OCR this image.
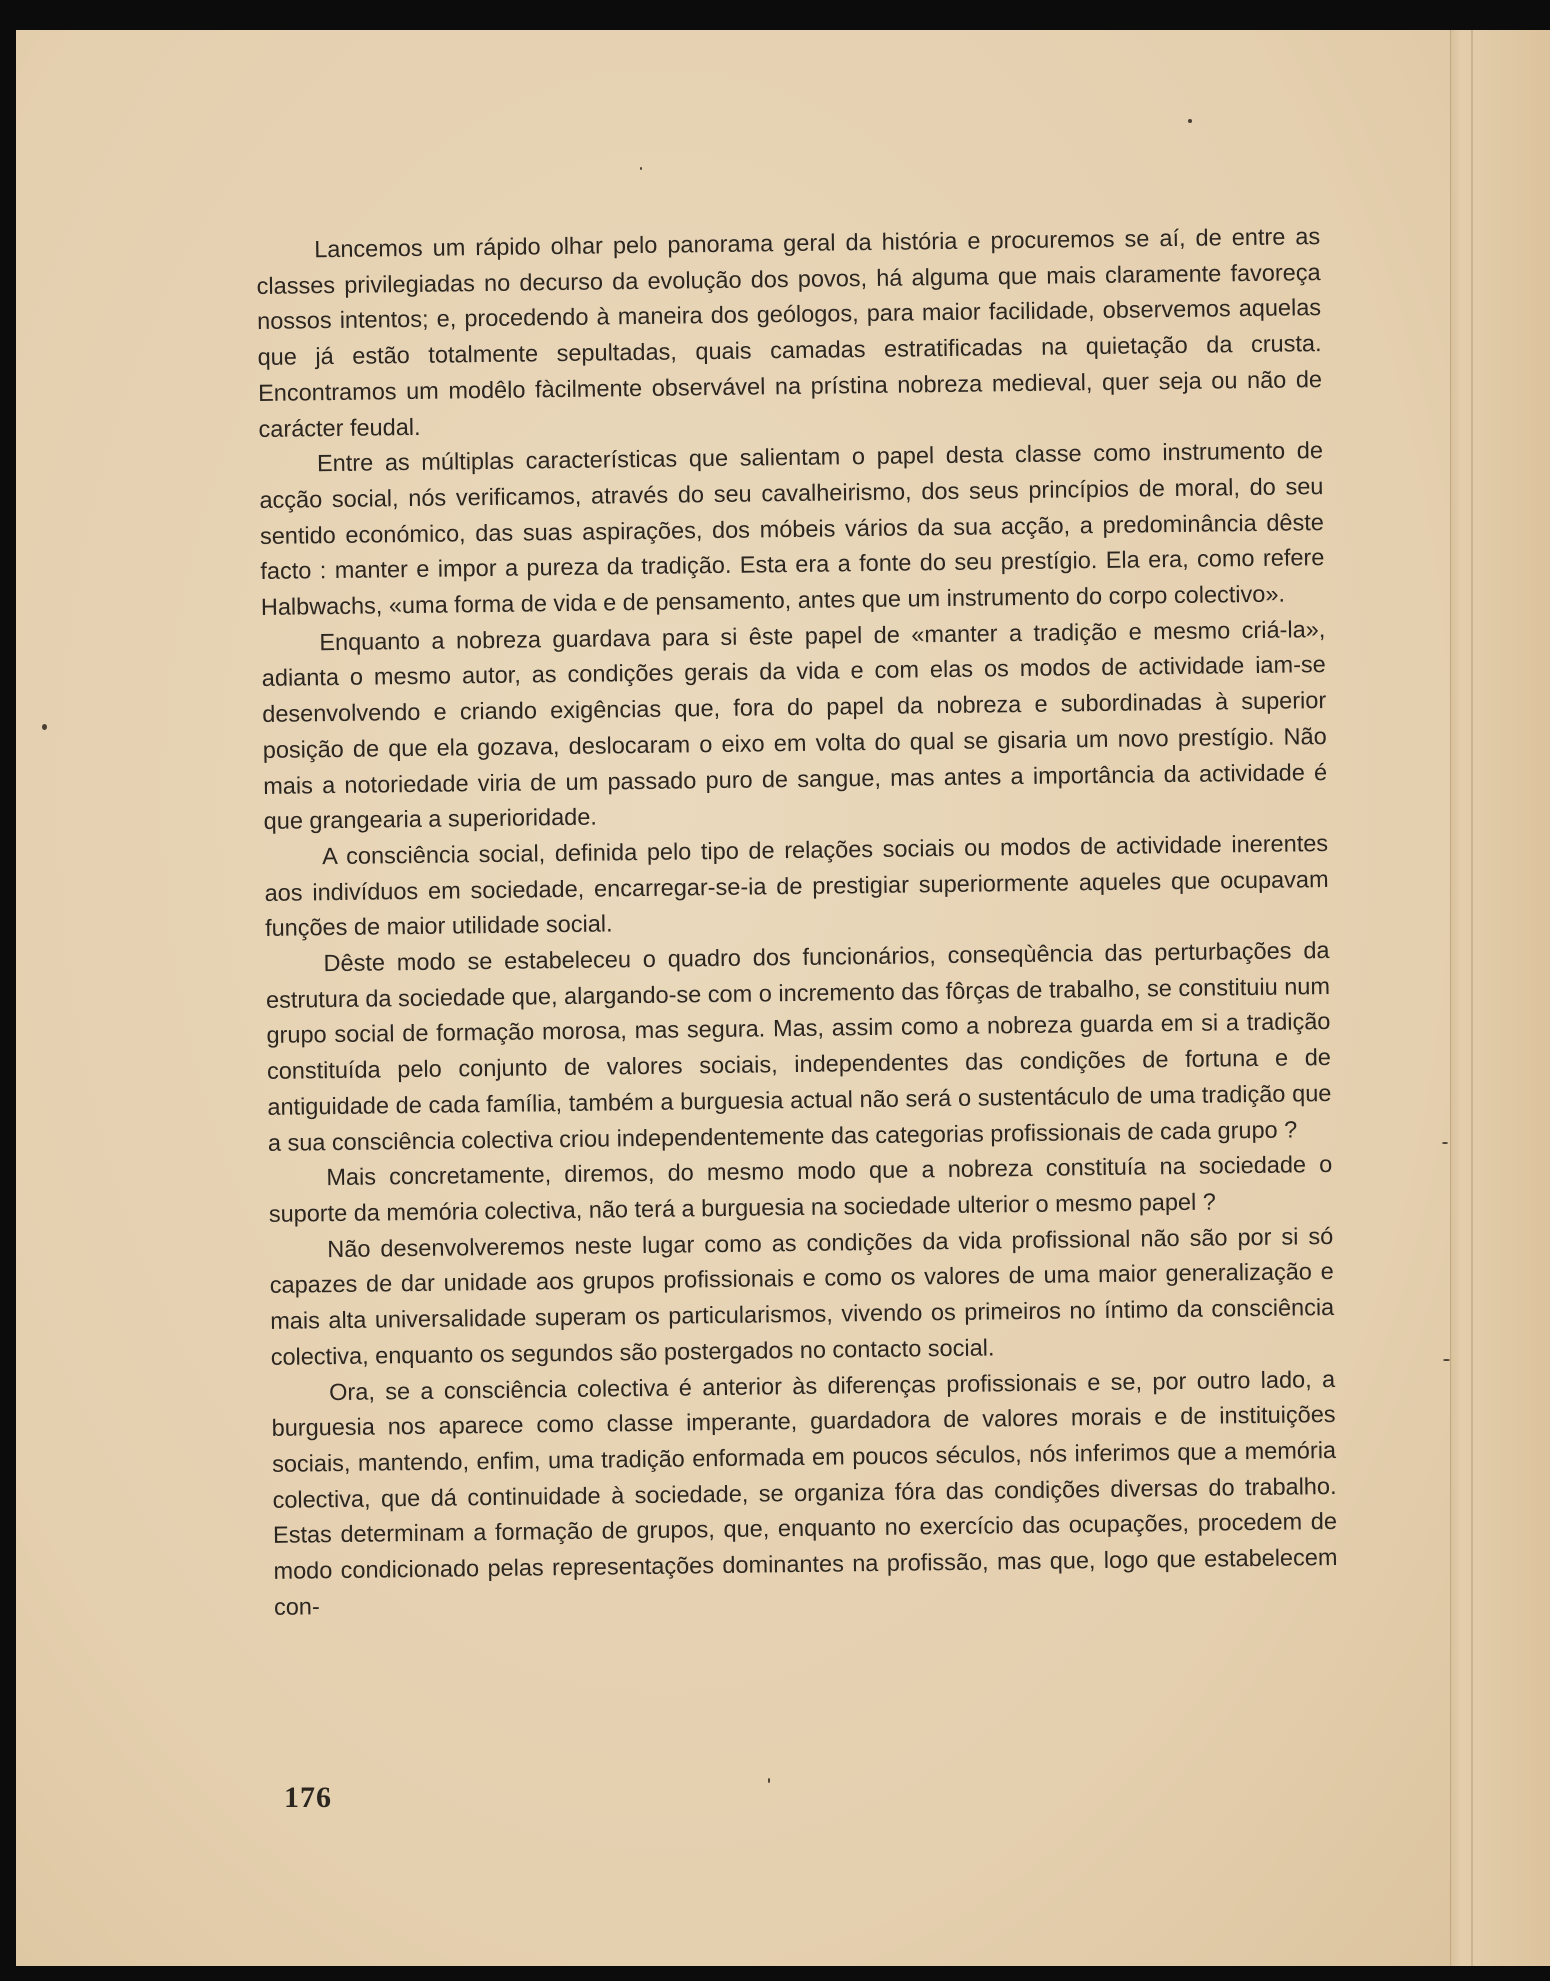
Lancemos um rápido olhar pelo panorama geral da história e procuremos se aí, de entre as classes privilegiadas no decurso da evolução dos povos, há alguma que mais claramente favoreça nossos intentos; e, procedendo à maneira dos geólogos, para maior facilidade, observemos aquelas que já estão totalmente sepultadas, quais camadas estratificadas na quietação da crusta. Encontramos um modêlo fàcilmente observável na prístina nobreza medieval, quer seja ou não de carácter feudal.

Entre as múltiplas características que salientam o papel desta classe como instrumento de acção social, nós verificamos, através do seu cavalheirismo, dos seus princípios de moral, do seu sentido económico, das suas aspirações, dos móbeis vários da sua acção, a predominância dêste facto : manter e impor a pureza da tradição. Esta era a fonte do seu prestígio. Ela era, como refere Halbwachs, «uma forma de vida e de pensamento, antes que um instrumento do corpo colectivo».

Enquanto a nobreza guardava para si êste papel de «manter a tradição e mesmo criá-la», adianta o mesmo autor, as condições gerais da vida e com elas os modos de actividade iam-se desenvolvendo e criando exigências que, fora do papel da nobreza e subordinadas à superior posição de que ela gozava, deslocaram o eixo em volta do qual se gisaria um novo prestígio. Não mais a notoriedade viria de um passado puro de sangue, mas antes a importância da actividade é que grangearia a superioridade.

A consciência social, definida pelo tipo de relações sociais ou modos de actividade inerentes aos indivíduos em sociedade, encarregar-se-ia de prestigiar superiormente aqueles que ocupavam funções de maior utilidade social.

Dêste modo se estabeleceu o quadro dos funcionários, conseqùência das perturbações da estrutura da sociedade que, alargando-se com o incremento das fôrças de trabalho, se constituiu num grupo social de formação morosa, mas segura. Mas, assim como a nobreza guarda em si a tradição constituída pelo conjunto de valores sociais, independentes das condições de fortuna e de antiguidade de cada família, também a burguesia actual não será o sustentáculo de uma tradição que a sua consciência colectiva criou independentemente das categorias profissionais de cada grupo ?

Mais concretamente, diremos, do mesmo modo que a nobreza constituía na sociedade o suporte da memória colectiva, não terá a burguesia na sociedade ulterior o mesmo papel ?

Não desenvolveremos neste lugar como as condições da vida profissional não são por si só capazes de dar unidade aos grupos profissionais e como os valores de uma maior generalização e mais alta universalidade superam os particularismos, vivendo os primeiros no íntimo da consciência colectiva, enquanto os segundos são postergados no contacto social.

Ora, se a consciência colectiva é anterior às diferenças profissionais e se, por outro lado, a burguesia nos aparece como classe imperante, guardadora de valores morais e de instituições sociais, mantendo, enfim, uma tradição enformada em poucos séculos, nós inferimos que a memória colectiva, que dá continuidade à sociedade, se organiza fóra das condições diversas do trabalho. Estas determinam a formação de grupos, que, enquanto no exercício das ocupações, procedem de modo condicionado pelas representações dominantes na profissão, mas que, logo que estabelecem con-

176
